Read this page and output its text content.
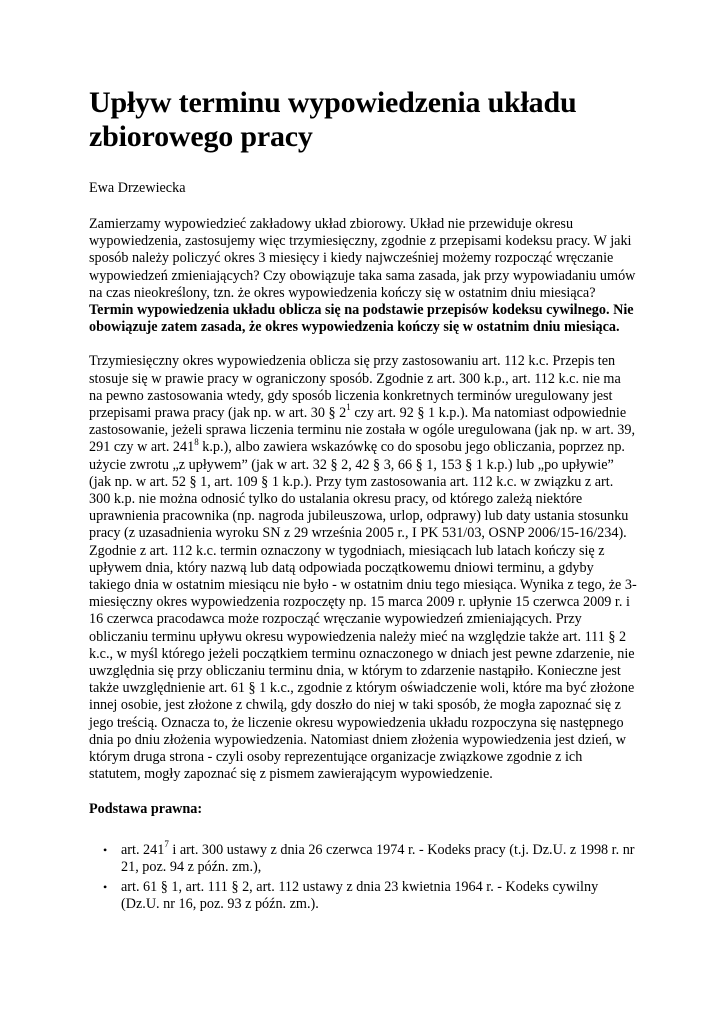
Upływ terminu wypowiedzenia układu zbiorowego pracy

Ewa Drzewiecka

Zamierzamy wypowiedzieć zakładowy układ zbiorowy. Układ nie przewiduje okresu wypowiedzenia, zastosujemy więc trzymiesięczny, zgodnie z przepisami kodeksu pracy. W jaki sposób należy policzyć okres 3 miesięcy i kiedy najwcześniej możemy rozpocząć wręczanie wypowiedzeń zmieniających? Czy obowiązuje taka sama zasada, jak przy wypowiadaniu umów na czas nieokreślony, tzn. że okres wypowiedzenia kończy się w ostatnim dniu miesiąca?    Termin wypowiedzenia układu oblicza się na podstawie przepisów kodeksu cywilnego. Nie obowiązuje zatem zasada, że okres wypowiedzenia kończy się w ostatnim dniu miesiąca.

Trzymiesięczny okres wypowiedzenia oblicza się przy zastosowaniu art. 112 k.c. Przepis ten stosuje się w prawie pracy w ograniczony sposób. Zgodnie z art. 300 k.p., art. 112 k.c. nie ma na pewno zastosowania wtedy, gdy sposób liczenia konkretnych terminów uregulowany jest przepisami prawa pracy (jak np. w art. 30 § $2^1$ czy art. 92 § 1 k.p.). Ma natomiast odpowiednie zastosowanie, jeżeli sprawa liczenia terminu nie została w ogóle uregulowana (jak np. w art. 39, 291 czy w art. $241^8$ k.p.), albo zawiera wskazówkę co do sposobu jego obliczania, poprzez np. użycie zwrotu „z upływem” (jak w art. 32 § 2, 42 § 3, 66 § 1, 153 § 1 k.p.) lub „po upływie” (jak np. w art. 52 § 1, art. 109 § 1 k.p.). Przy tym zastosowania art. 112 k.c. w związku z art. 300 k.p. nie można odnosić tylko do ustalania okresu pracy, od którego zależą niektóre uprawnienia pracownika (np. nagroda jubileuszowa, urlop, odprawy) lub daty ustania stosunku pracy (z uzasadnienia wyroku SN z 29 września 2005 r., I PK 531/03, OSNP 2006/15-16/234). Zgodnie z art. 112 k.c. termin oznaczony w tygodniach, miesiącach lub latach kończy się z upływem dnia, który nazwą lub datą odpowiada początkowemu dniowi terminu, a gdyby takiego dnia w ostatnim miesiącu nie było - w ostatnim dniu tego miesiąca. Wynika z tego, że 3-miesięczny okres wypowiedzenia rozpoczęty np. 15 marca 2009 r. upłynie 15 czerwca 2009 r. i 16 czerwca pracodawca może rozpocząć wręczanie wypowiedzeń zmieniających. Przy obliczaniu terminu upływu okresu wypowiedzenia należy mieć na względzie także art. 111 § 2 k.c., w myśl którego jeżeli początkiem terminu oznaczonego w dniach jest pewne zdarzenie, nie uwzględnia się przy obliczaniu terminu dnia, w którym to zdarzenie nastąpiło. Konieczne jest także uwzględnienie art. 61 § 1 k.c., zgodnie z którym oświadczenie woli, które ma być złożone innej osobie, jest złożone z chwilą, gdy doszło do niej w taki sposób, że mogła zapoznać się z jego treścią. Oznacza to, że liczenie okresu wypowiedzenia układu rozpoczyna się następnego dnia po dniu złożenia wypowiedzenia. Natomiast dniem złożenia wypowiedzenia jest dzień, w którym druga strona - czyli osoby reprezentujące organizacje związkowe zgodnie z ich statutem, mogły zapoznać się z pismem zawierającym wypowiedzenie.

Podstawa prawna:

• art. $241^7$ i art. 300 ustawy z dnia 26 czerwca 1974 r. - Kodeks pracy (t.j. Dz.U. z 1998 r. nr 21, poz. 94 z późn. zm.),
• art. 61 § 1, art. 111 § 2, art. 112 ustawy z dnia 23 kwietnia 1964 r. - Kodeks cywilny (Dz.U. nr 16, poz. 93 z późn. zm.).
